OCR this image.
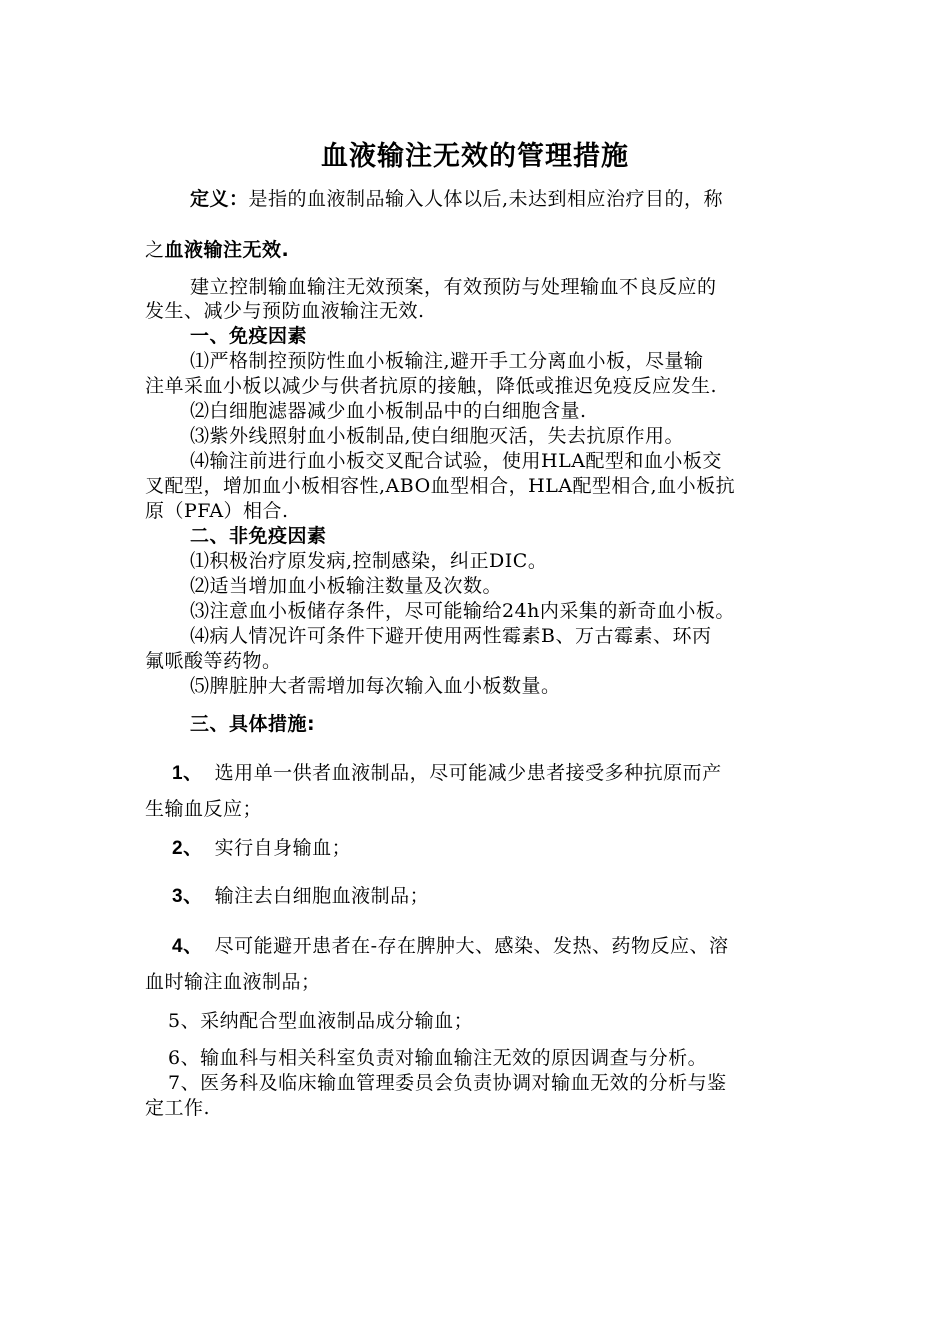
血液输注无效的管理措施
定义：是指的血液制品输入人体以后,未达到相应治疗目的，称
之血液输注无效.
建立控制输血输注无效预案，有效预防与处理输血不良反应的
发生、减少与预防血液输注无效.
一、免疫因素
⑴严格制控预防性血小板输注,避开手工分离血小板，尽量输
注单采血小板以减少与供者抗原的接触，降低或推迟免疫反应发生.
⑵白细胞滤器减少血小板制品中的白细胞含量.
⑶紫外线照射血小板制品,使白细胞灭活，失去抗原作用。
⑷输注前进行血小板交叉配合试验，使用HLA配型和血小板交
叉配型，增加血小板相容性,ABO血型相合，HLA配型相合,血小板抗
原（PFA）相合.
二、非免疫因素
⑴积极治疗原发病,控制感染，纠正DIC。
⑵适当增加血小板输注数量及次数。
⑶注意血小板储存条件，尽可能输给24h内采集的新奇血小板。
⑷病人情况许可条件下避开使用两性霉素B、万古霉素、环丙
氟哌酸等药物。
⑸脾脏肿大者需增加每次输入血小板数量。
三、具体措施:
1、 选用单一供者血液制品，尽可能减少患者接受多种抗原而产
生输血反应；
2、 实行自身输血；
3、 输注去白细胞血液制品；
4、 尽可能避开患者在-存在脾肿大、感染、发热、药物反应、溶
血时输注血液制品；
5、采纳配合型血液制品成分输血；
6、输血科与相关科室负责对输血输注无效的原因调查与分析。
7、医务科及临床输血管理委员会负责协调对输血无效的分析与鉴
定工作.
